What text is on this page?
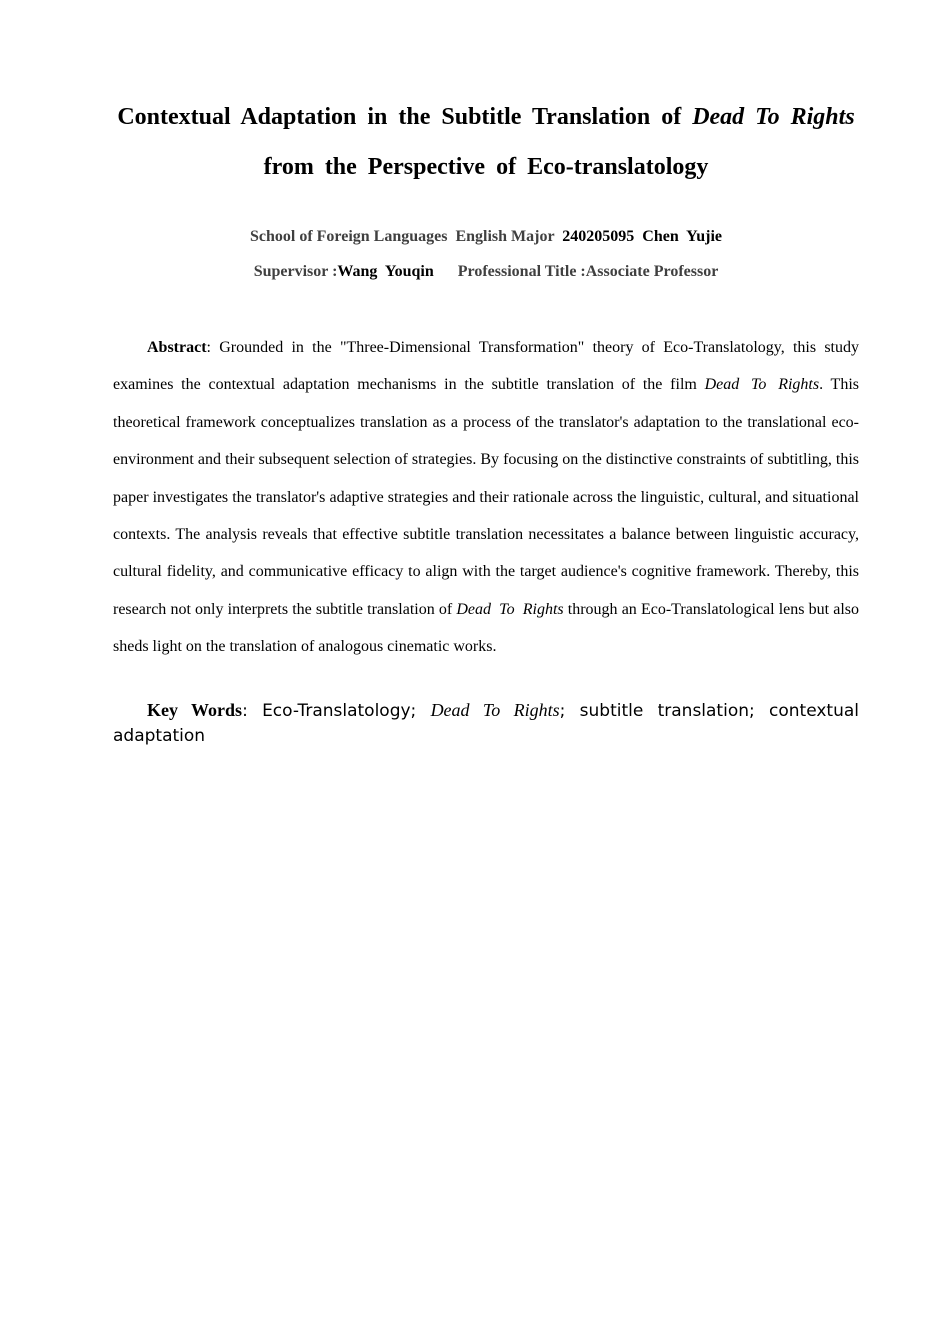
Contextual Adaptation in the Subtitle Translation of Dead To Rights from the Perspective of Eco-translatology

School of Foreign Languages  English Major  240205095  Chen  Yujie

Supervisor :Wang  Youqin      Professional Title :Associate Professor

Abstract: Grounded in the "Three-Dimensional Transformation" theory of Eco-Translatology, this study examines the contextual adaptation mechanisms in the subtitle translation of the film Dead To Rights. This theoretical framework conceptualizes translation as a process of the translator's adaptation to the translational eco-environment and their subsequent selection of strategies. By focusing on the distinctive constraints of subtitling, this paper investigates the translator's adaptive strategies and their rationale across the linguistic, cultural, and situational contexts. The analysis reveals that effective subtitle translation necessitates a balance between linguistic accuracy, cultural fidelity, and communicative efficacy to align with the target audience's cognitive framework. Thereby, this research not only interprets the subtitle translation of Dead To Rights through an Eco-Translatological lens but also sheds light on the translation of analogous cinematic works.

Key Words: Eco-Translatology; Dead To Rights; subtitle translation; contextual adaptation
